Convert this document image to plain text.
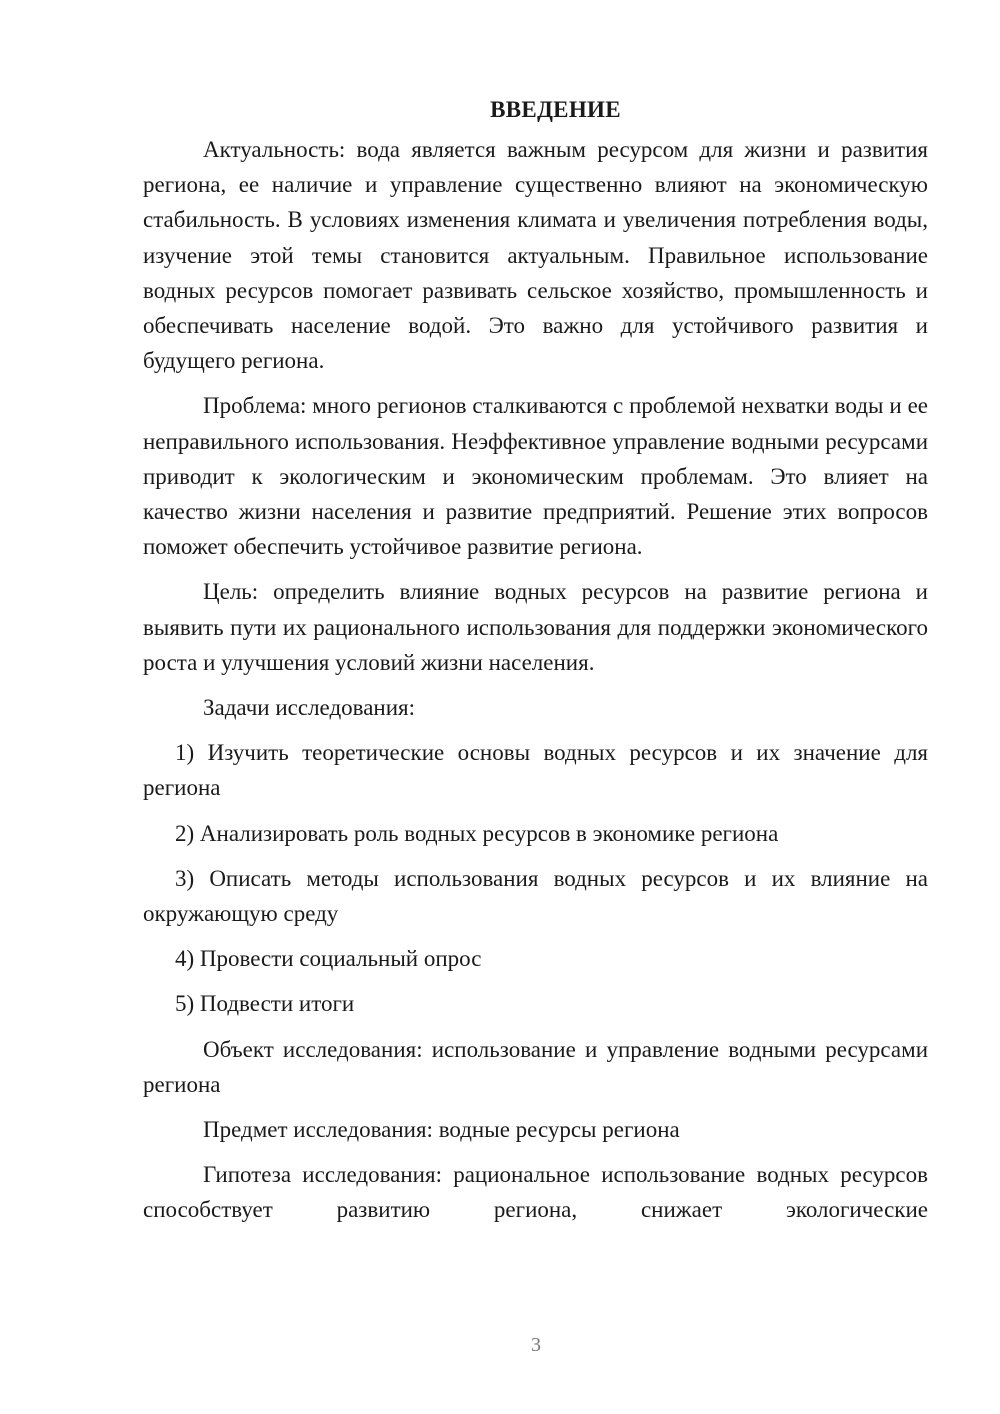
ВВЕДЕНИЕ

Актуальность: вода является важным ресурсом для жизни и развития региона, ее наличие и управление существенно влияют на экономическую стабильность. В условиях изменения климата и увеличения потребления воды, изучение этой темы становится актуальным. Правильное использование водных ресурсов помогает развивать сельское хозяйство, промышленность и обеспечивать население водой. Это важно для устойчивого развития и будущего региона.

Проблема: много регионов сталкиваются с проблемой нехватки воды и ее неправильного использования. Неэффективное управление водными ресурсами приводит к экологическим и экономическим проблемам. Это влияет на качество жизни населения и развитие предприятий. Решение этих вопросов поможет обеспечить устойчивое развитие региона.

Цель: определить влияние водных ресурсов на развитие региона и выявить пути их рационального использования для поддержки экономического роста и улучшения условий жизни населения.

Задачи исследования:

1) Изучить теоретические основы водных ресурсов и их значение для региона

2) Анализировать роль водных ресурсов в экономике региона

3) Описать методы использования водных ресурсов и их влияние на окружающую среду

4) Провести социальный опрос

5) Подвести итоги

Объект исследования: использование и управление водными ресурсами региона

Предмет исследования: водные ресурсы региона

Гипотеза исследования: рациональное использование водных ресурсов способствует развитию региона, снижает экологические

3
